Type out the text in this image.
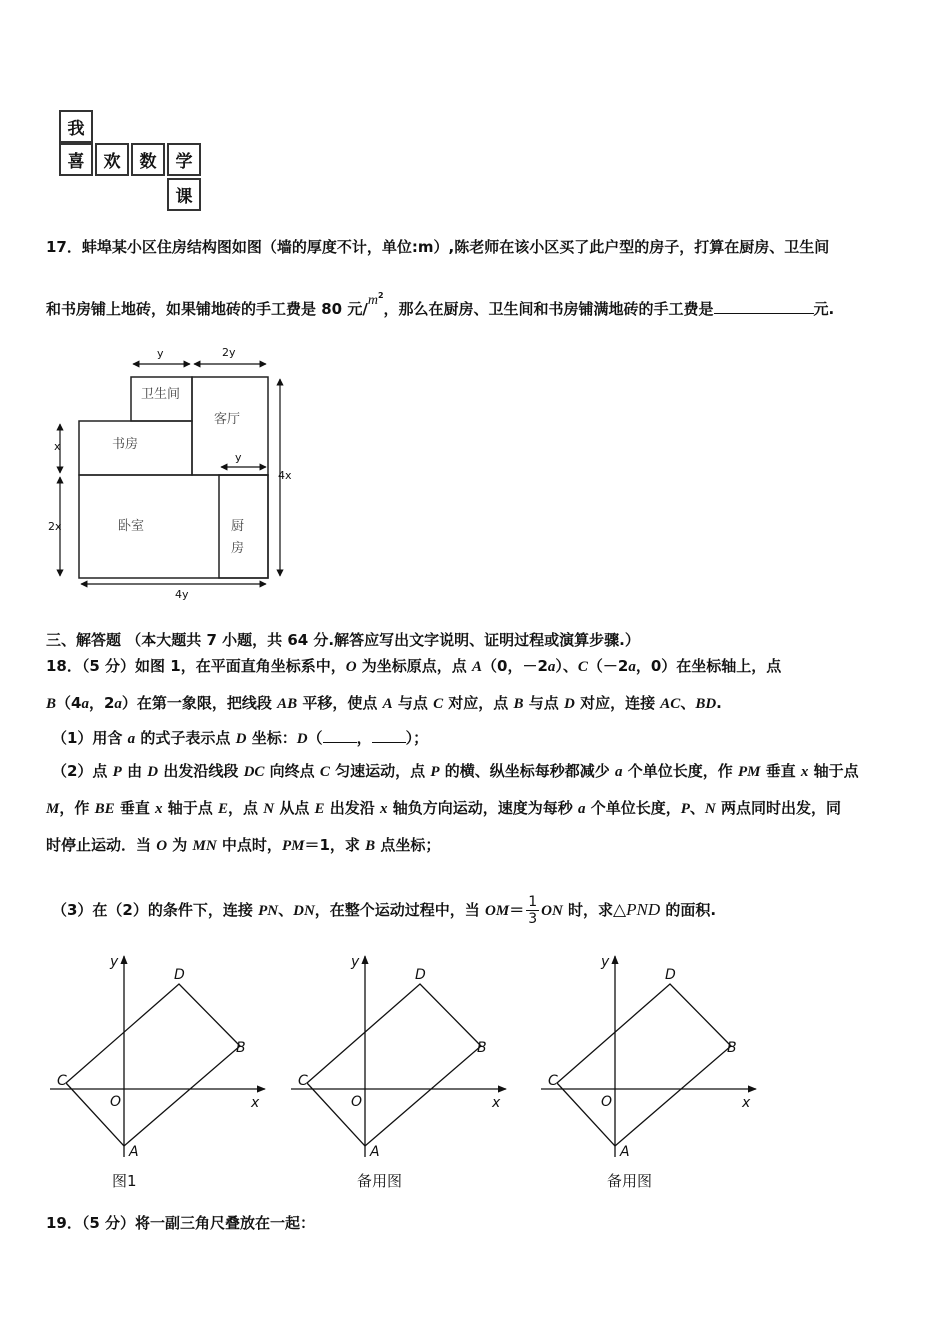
我
喜	欢	数	学
课
17．蚌埠某小区住房结构图如图（墙的厚度不计，单位:m）,陈老师在该小区买了此户型的房子，打算在厨房、卫生间
和书房铺上地砖，如果铺地砖的手工费是 80 元$/m^2$，那么在厨房、卫生间和书房铺满地砖的手工费是	元.
卫生间
客厅
书房
卧室	厨
房
y	2y
x
2x
y
4x
4y
三、解答题 （本大题共 7 小题，共 64 分.解答应写出文字说明、证明过程或演算步骤.）
18．（5 分）如图 1，在平面直角坐标系中，O 为坐标原点，点 A（0，－2a）、C（－2a，0）在坐标轴上，点
B（4a，2a）在第一象限，把线段 AB 平移，使点 A 与点 C 对应，点 B 与点 D 对应，连接 AC、BD.
（1）用含 a 的式子表示点 D 坐标：D（ ， ）；
（2）点 P 由 D 出发沿线段 DC 向终点 C 匀速运动，点 P 的横、纵坐标每秒都减少 a 个单位长度，作 PM 垂直 x 轴于点
M，作 BE 垂直 x 轴于点 E，点 N 从点 E 出发沿 x 轴负方向运动，速度为每秒 a 个单位长度，P、N 两点同时出发，同
时停止运动．当 O 为 MN 中点时，PM＝1，求 B 点坐标；
（3）在（2）的条件下，连接 PN、DN，在整个运动过程中，当 $OM= \frac{1}{3}$ ON 时，求△PND 的面积.
y
x
O
C
D
B
A
y
x
O
C
D
B
A
y
x
O
C
D
B
A
图1	备用图	备用图
19．（5 分）将一副三角尺叠放在一起：
